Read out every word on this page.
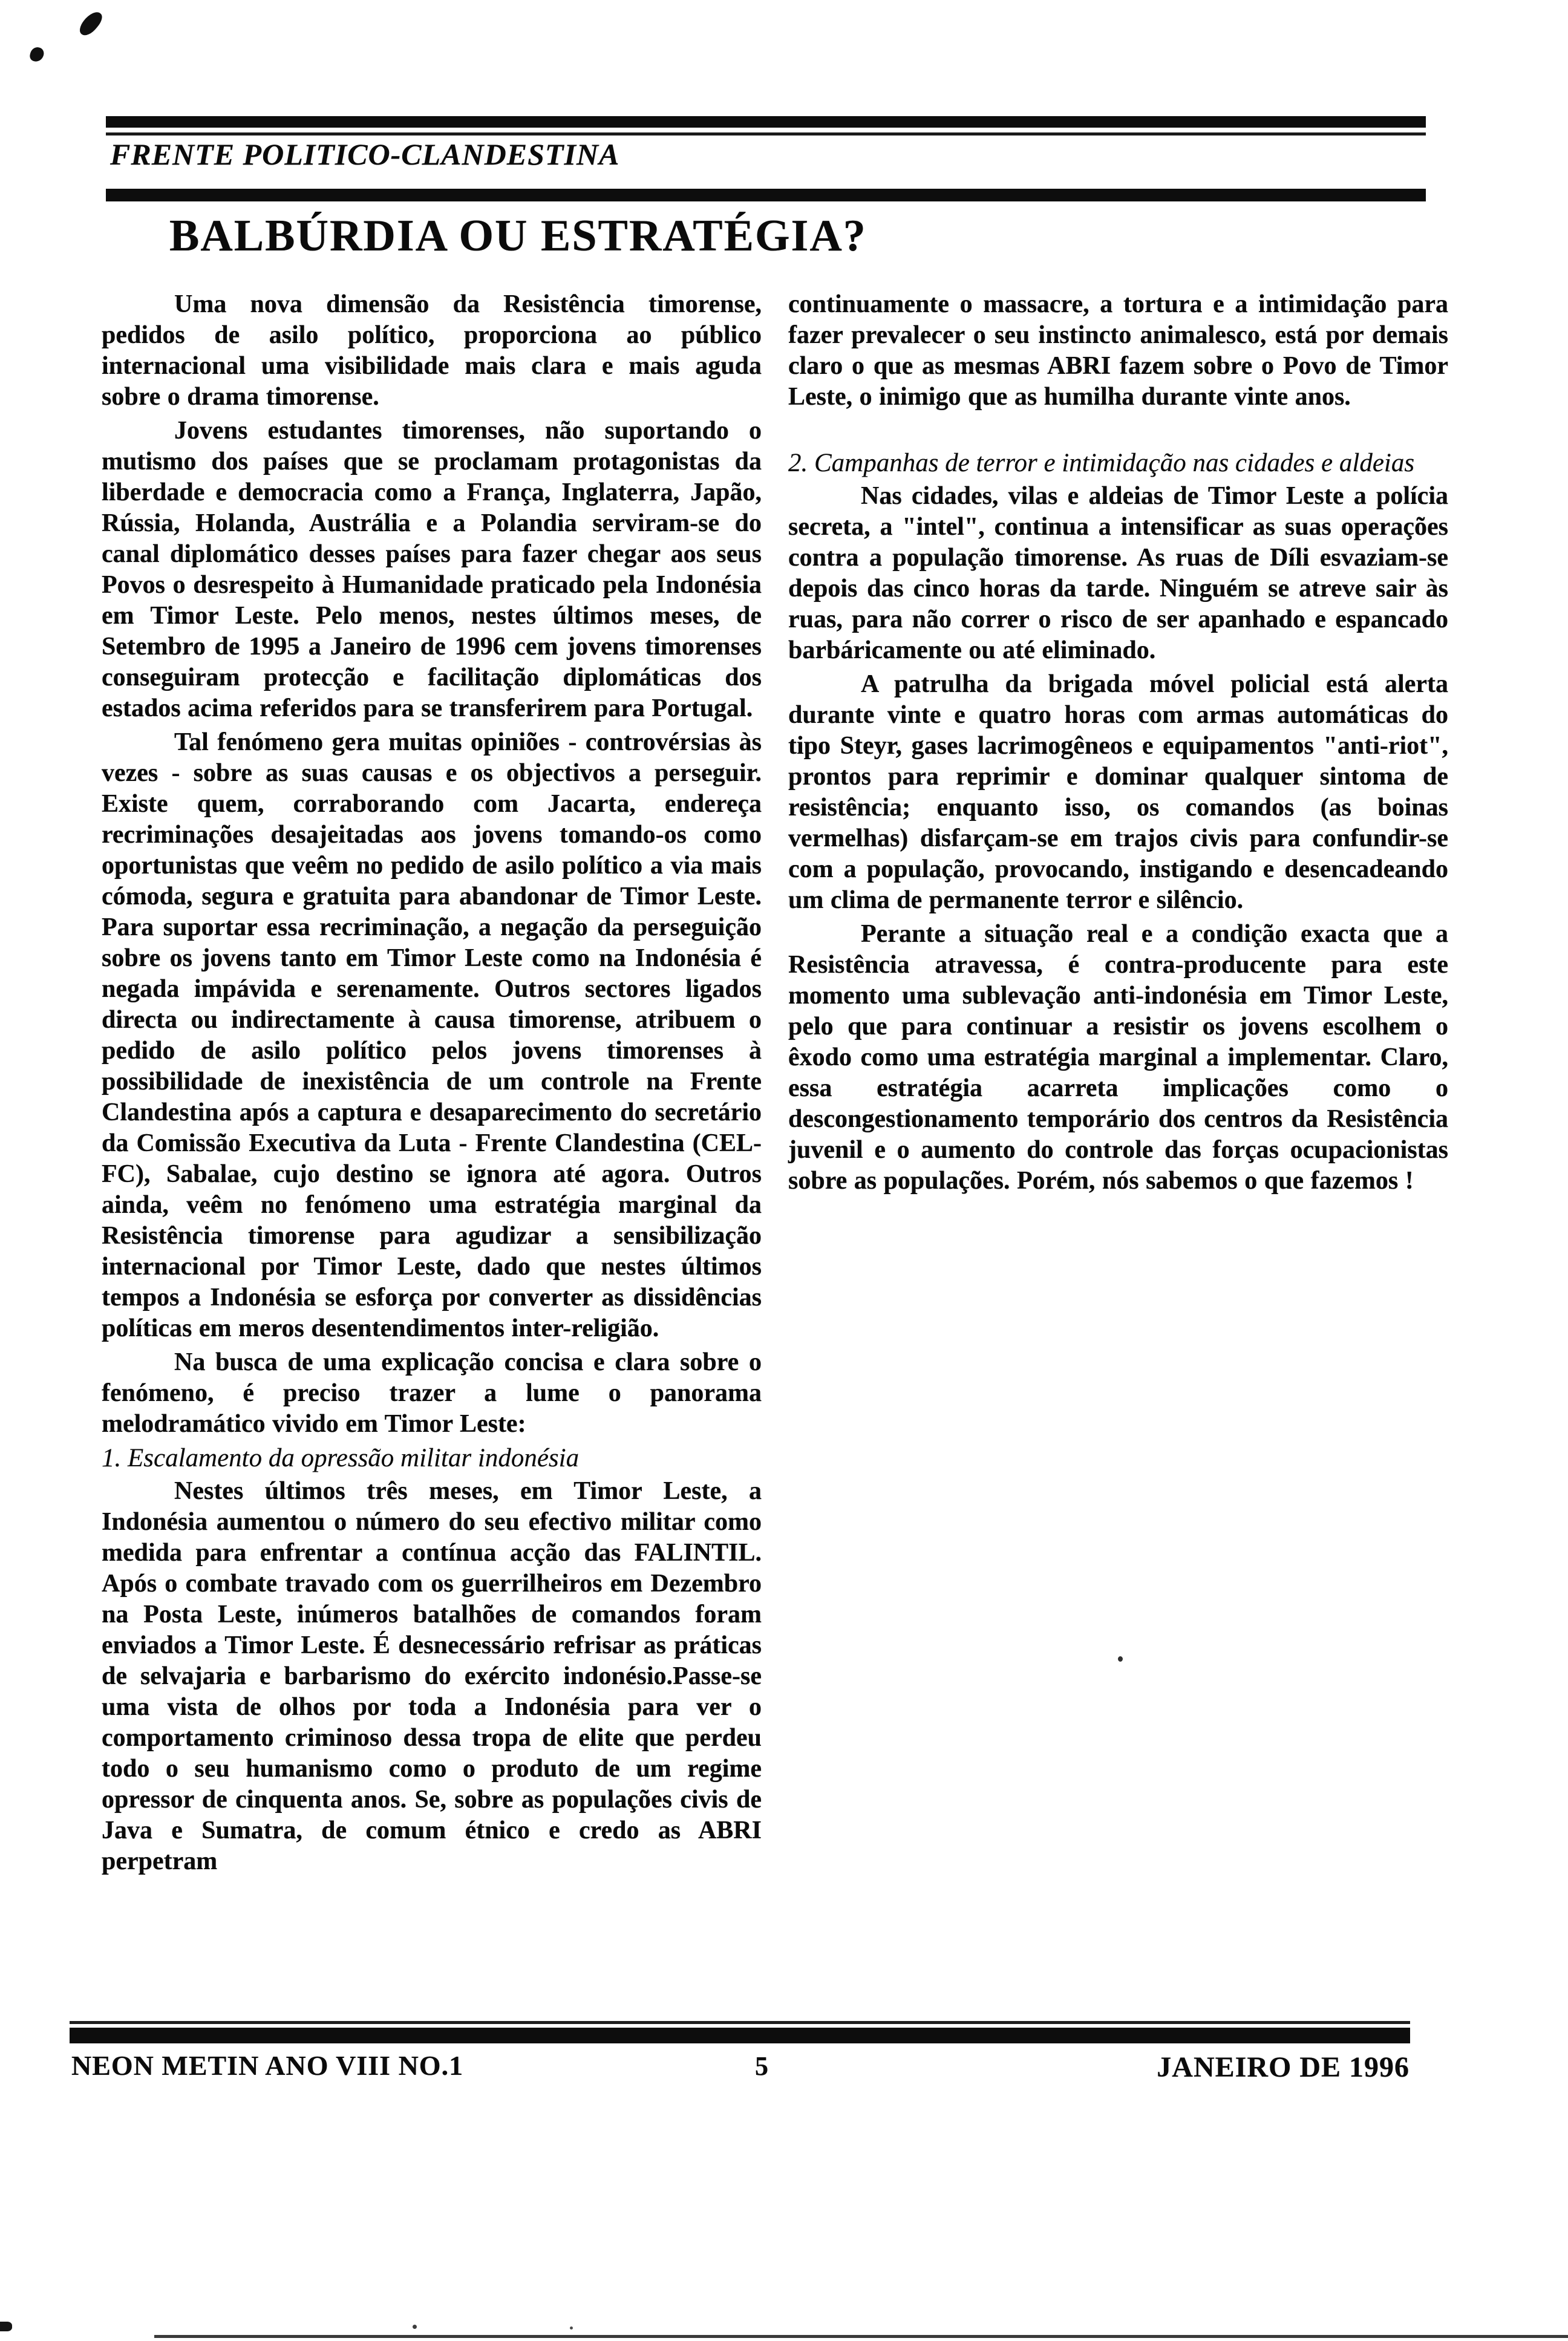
FRENTE POLITICO-CLANDESTINA
BALBÚRDIA OU ESTRATÉGIA?

Uma nova dimensão da Resistência timorense, pedidos de asilo político, proporciona ao público internacional uma visibilidade mais clara e mais aguda sobre o drama timorense.

Jovens estudantes timorenses, não suportando o mutismo dos países que se proclamam protagonistas da liberdade e democracia como a França, Inglaterra, Japão, Rússia, Holanda, Austrália e a Polandia serviram-se do canal diplomático desses países para fazer chegar aos seus Povos o desrespeito à Humanidade praticado pela Indonésia em Timor Leste. Pelo menos, nestes últimos meses, de Setembro de 1995 a Janeiro de 1996 cem jovens timorenses conseguiram protecção e facilitação diplomáticas dos estados acima referidos para se transferirem para Portugal.

Tal fenómeno gera muitas opiniões - controvérsias às vezes - sobre as suas causas e os objectivos a perseguir. Existe quem, corraborando com Jacarta, endereça recriminações desajeitadas aos jovens tomando-os como oportunistas que veêm no pedido de asilo político a via mais cómoda, segura e gratuita para abandonar de Timor Leste. Para suportar essa recriminação, a negação da perseguição sobre os jovens tanto em Timor Leste como na Indonésia é negada impávida e serenamente. Outros sectores ligados directa ou indirectamente à causa timorense, atribuem o pedido de asilo político pelos jovens timorenses à possibilidade de inexistência de um controle na Frente Clandestina após a captura e desaparecimento do secretário da Comissão Executiva da Luta - Frente Clandestina (CEL-FC), Sabalae, cujo destino se ignora até agora. Outros ainda, veêm no fenómeno uma estratégia marginal da Resistência timorense para agudizar a sensibilização internacional por Timor Leste, dado que nestes últimos tempos a Indonésia se esforça por converter as dissidências políticas em meros desentendimentos inter-religião.

Na busca de uma explicação concisa e clara sobre o fenómeno, é preciso trazer a lume o panorama melodramático vivido em Timor Leste:

1. Escalamento da opressão militar indonésia

Nestes últimos três meses, em Timor Leste, a Indonésia aumentou o número do seu efectivo militar como medida para enfrentar a contínua acção das FALINTIL. Após o combate travado com os guerrilheiros em Dezembro na Posta Leste, inúmeros batalhões de comandos foram enviados a Timor Leste. É desnecessário refrisar as práticas de selvajaria e barbarismo do exército indonésio.Passe-se uma vista de olhos por toda a Indonésia para ver o comportamento criminoso dessa tropa de elite que perdeu todo o seu humanismo como o produto de um regime opressor de cinquenta anos. Se, sobre as populações civis de Java e Sumatra, de comum étnico e credo as ABRI perpetram

continuamente o massacre, a tortura e a intimidação para fazer prevalecer o seu instincto animalesco, está por demais claro o que as mesmas ABRI fazem sobre o Povo de Timor Leste, o inimigo que as humilha durante vinte anos.

2. Campanhas de terror e intimidação nas cidades e aldeias

Nas cidades, vilas e aldeias de Timor Leste a polícia secreta, a "intel", continua a intensificar as suas operações contra a população timorense. As ruas de Díli esvaziam-se depois das cinco horas da tarde. Ninguém se atreve sair às ruas, para não correr o risco de ser apanhado e espancado barbáricamente ou até eliminado.

A patrulha da brigada móvel policial está alerta durante vinte e quatro horas com armas automáticas do tipo Steyr, gases lacrimogêneos e equipamentos "anti-riot", prontos para reprimir e dominar qualquer sintoma de resistência; enquanto isso, os comandos (as boinas vermelhas) disfarçam-se em trajos civis para confundir-se com a população, provocando, instigando e desencadeando um clima de permanente terror e silêncio.

Perante a situação real e a condição exacta que a Resistência atravessa, é contra-producente para este momento uma sublevação anti-indonésia em Timor Leste, pelo que para continuar a resistir os jovens escolhem o êxodo como uma estratégia marginal a implementar. Claro, essa estratégia acarreta implicações como o descongestionamento temporário dos centros da Resistência juvenil e o aumento do controle das forças ocupacionistas sobre as populações. Porém, nós sabemos o que fazemos !

NEON METIN ANO VIII NO.1	5	JANEIRO DE 1996
